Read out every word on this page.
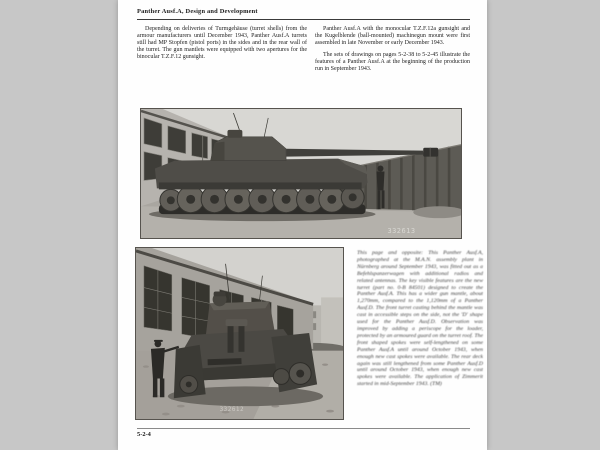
Panther Ausf.A, Design and Development

Depending on deliveries of Turmgehäuse (turret shells) from the armour manufacturers until December 1943, Panther Ausf.A turrets still had MP Stopfen (pistol ports) in the sides and in the rear wall of the turret. The gun mantlets were equipped with two apertures for the binocular T.Z.F.12 gunsight.

Panther Ausf.A with the monocular T.Z.F.12a gunsight and the Kugelblende (ball-mounted) machinegun mount were first assembled in late November or early December 1943.

The sets of drawings on pages 5-2-38 to 5-2-45 illustrate the features of a Panther Ausf.A at the beginning of the production run in September 1943.

332613
332612
This page and opposite: This Panther Ausf.A, photographed at the M.A.N. assembly plant in Nürnberg around September 1943, was fitted out as a Befehlspanzerwagen with additional radios and related antennas. The key visible features are the new turret (part no. 0-B 84501) designed to create the Panther Ausf.A. This has a wider gun mantle, about 1,270mm, compared to the 1,120mm of a Panther Ausf.D. The front turret casting behind the mantle was cast in accessible steps on the side, not the 'D' shape used for the Panther Ausf.D. Observation was improved by adding a periscope for the loader, protected by an armoured guard on the turret roof. The front shaped spokes were self-lengthened on some Panther Ausf.A until around October 1943, when enough new cast spokes were available. The rear deck again was still lengthened from some Panther Ausf.D until around October 1943, when enough new cast spokes were available. The application of Zimmerit started in mid-September 1943. (TM)
5-2-4
